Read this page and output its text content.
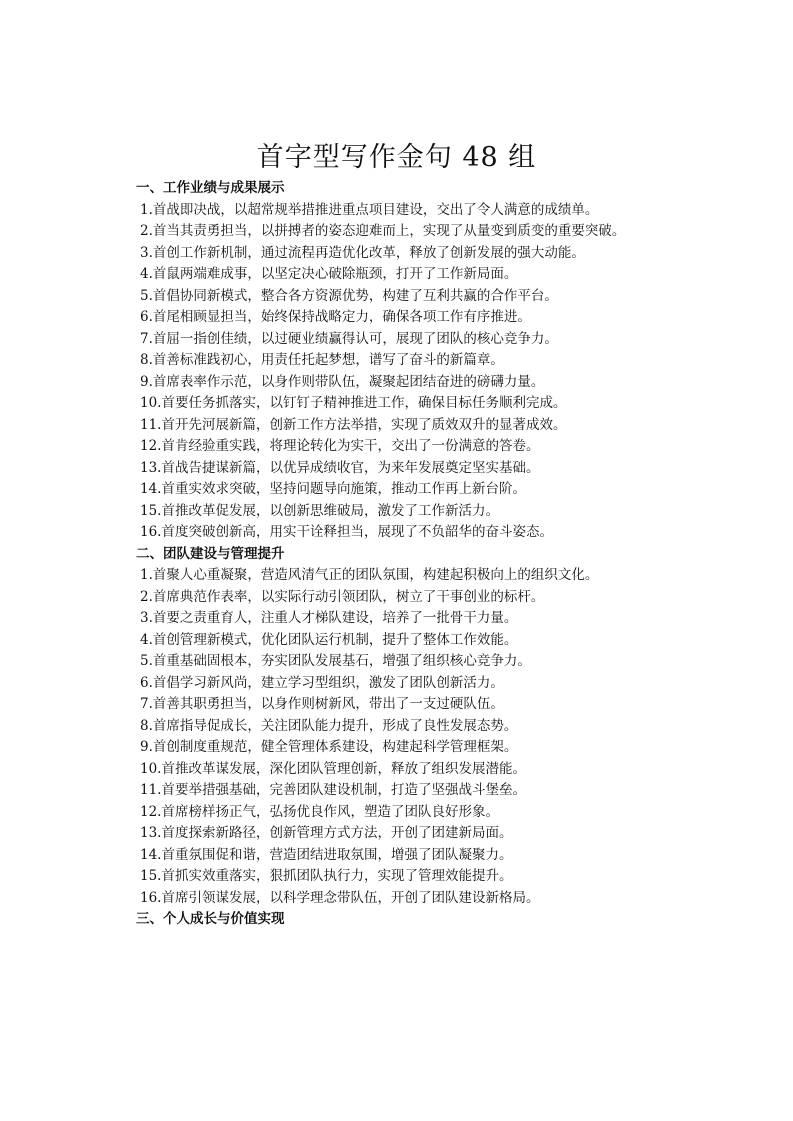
首字型写作金句 48 组
一、工作业绩与成果展示
1.首战即决战，以超常规举措推进重点项目建设，交出了令人满意的成绩单。
2.首当其责勇担当，以拼搏者的姿态迎难而上，实现了从量变到质变的重要突破。
3.首创工作新机制，通过流程再造优化改革，释放了创新发展的强大动能。
4.首鼠两端难成事，以坚定决心破除瓶颈，打开了工作新局面。
5.首倡协同新模式，整合各方资源优势，构建了互利共赢的合作平台。
6.首尾相顾显担当，始终保持战略定力，确保各项工作有序推进。
7.首屈一指创佳绩，以过硬业绩赢得认可，展现了团队的核心竞争力。
8.首善标准践初心，用责任托起梦想，谱写了奋斗的新篇章。
9.首席表率作示范，以身作则带队伍，凝聚起团结奋进的磅礴力量。
10.首要任务抓落实，以钉钉子精神推进工作，确保目标任务顺利完成。
11.首开先河展新篇，创新工作方法举措，实现了质效双升的显著成效。
12.首肯经验重实践，将理论转化为实干，交出了一份满意的答卷。
13.首战告捷谋新篇，以优异成绩收官，为来年发展奠定坚实基础。
14.首重实效求突破，坚持问题导向施策，推动工作再上新台阶。
15.首推改革促发展，以创新思维破局，激发了工作新活力。
16.首度突破创新高，用实干诠释担当，展现了不负韶华的奋斗姿态。
二、团队建设与管理提升
1.首聚人心重凝聚，营造风清气正的团队氛围，构建起积极向上的组织文化。
2.首席典范作表率，以实际行动引领团队，树立了干事创业的标杆。
3.首要之责重育人，注重人才梯队建设，培养了一批骨干力量。
4.首创管理新模式，优化团队运行机制，提升了整体工作效能。
5.首重基础固根本，夯实团队发展基石，增强了组织核心竞争力。
6.首倡学习新风尚，建立学习型组织，激发了团队创新活力。
7.首善其职勇担当，以身作则树新风，带出了一支过硬队伍。
8.首席指导促成长，关注团队能力提升，形成了良性发展态势。
9.首创制度重规范，健全管理体系建设，构建起科学管理框架。
10.首推改革谋发展，深化团队管理创新，释放了组织发展潜能。
11.首要举措强基础，完善团队建设机制，打造了坚强战斗堡垒。
12.首席榜样扬正气，弘扬优良作风，塑造了团队良好形象。
13.首度探索新路径，创新管理方式方法，开创了团建新局面。
14.首重氛围促和谐，营造团结进取氛围，增强了团队凝聚力。
15.首抓实效重落实，狠抓团队执行力，实现了管理效能提升。
16.首席引领谋发展，以科学理念带队伍，开创了团队建设新格局。
三、个人成长与价值实现
